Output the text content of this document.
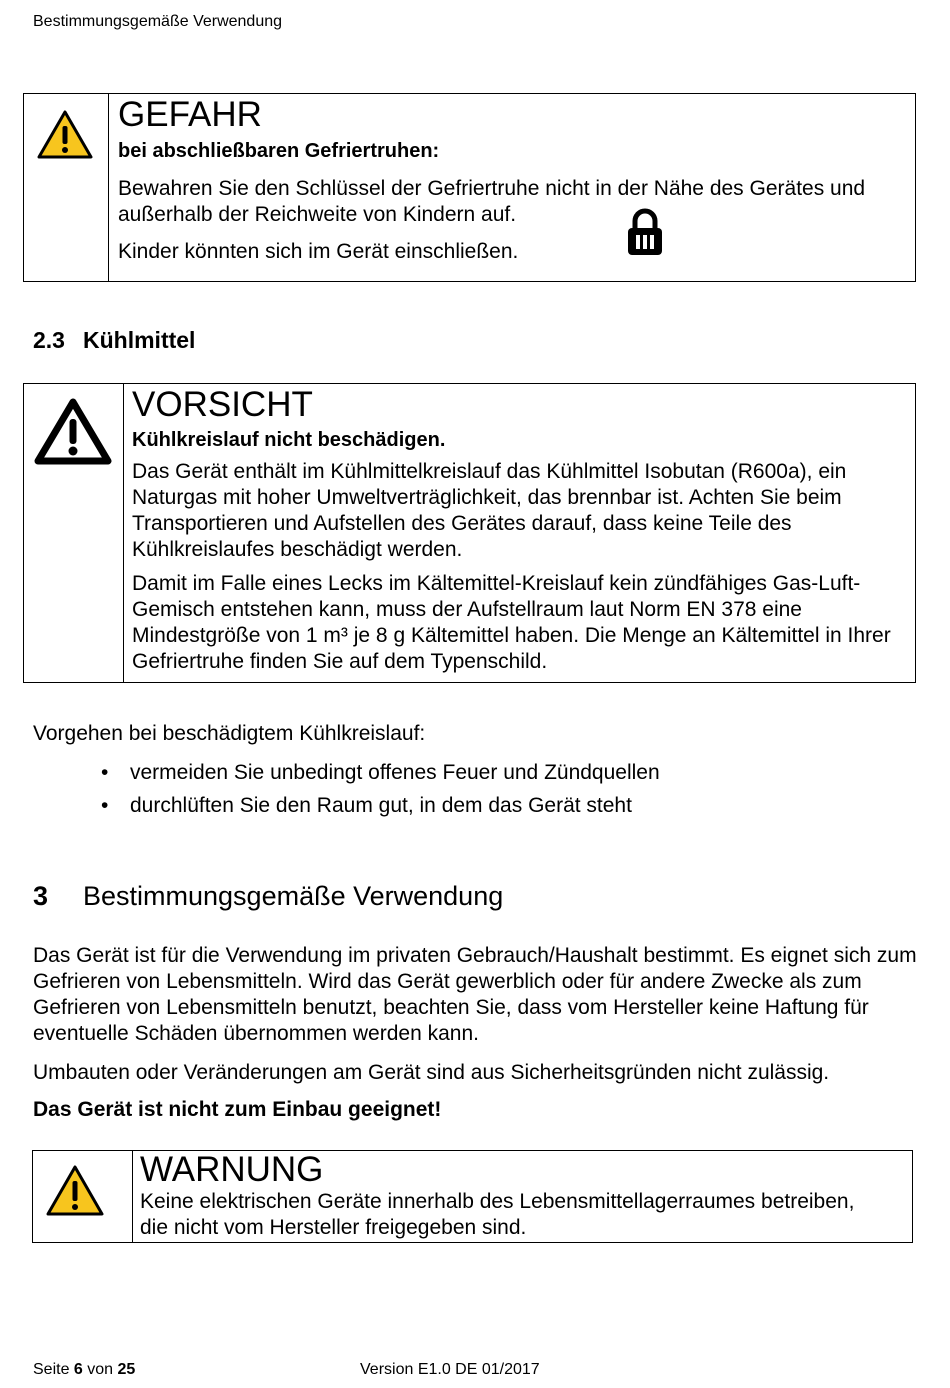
Bestimmungsgemäße Verwendung
GEFAHR
bei abschließbaren Gefriertruhen:
Bewahren Sie den Schlüssel der Gefriertruhe nicht in der Nähe des Gerätes und außerhalb der Reichweite von Kindern auf.
Kinder könnten sich im Gerät einschließen.
2.3 Kühlmittel
VORSICHT
Kühlkreislauf nicht beschädigen.
Das Gerät enthält im Kühlmittelkreislauf das Kühlmittel Isobutan (R600a), ein Naturgas mit hoher Umweltverträglichkeit, das brennbar ist. Achten Sie beim Transportieren und Aufstellen des Gerätes darauf, dass keine Teile des Kühlkreislaufes beschädigt werden.
Damit im Falle eines Lecks im Kältemittel-Kreislauf kein zündfähiges Gas-Luft-Gemisch entstehen kann, muss der Aufstellraum laut Norm EN 378 eine Mindestgröße von 1 m³ je 8 g Kältemittel haben. Die Menge an Kältemittel in Ihrer Gefriertruhe finden Sie auf dem Typenschild.
Vorgehen bei beschädigtem Kühlkreislauf:
• vermeiden Sie unbedingt offenes Feuer und Zündquellen
• durchlüften Sie den Raum gut, in dem das Gerät steht
3 Bestimmungsgemäße Verwendung
Das Gerät ist für die Verwendung im privaten Gebrauch/Haushalt bestimmt. Es eignet sich zum Gefrieren von Lebensmitteln. Wird das Gerät gewerblich oder für andere Zwecke als zum Gefrieren von Lebensmitteln benutzt, beachten Sie, dass vom Hersteller keine Haftung für eventuelle Schäden übernommen werden kann.
Umbauten oder Veränderungen am Gerät sind aus Sicherheitsgründen nicht zulässig.
Das Gerät ist nicht zum Einbau geeignet!
WARNUNG
Keine elektrischen Geräte innerhalb des Lebensmittellagerraumes betreiben, die nicht vom Hersteller freigegeben sind.
Seite 6 von 25	Version E1.0 DE 01/2017
